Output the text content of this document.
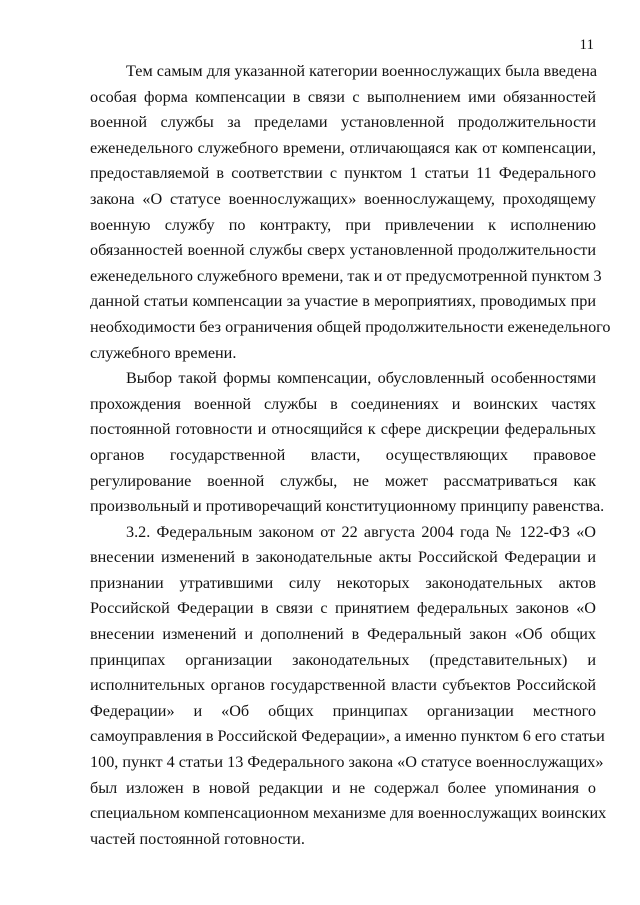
11

Тем самым для указанной категории военнослужащих была введена
особая форма компенсации в связи с выполнением ими обязанностей
военной службы за пределами установленной продолжительности
еженедельного служебного времени, отличающаяся как от компенсации,
предоставляемой в соответствии с пунктом 1 статьи 11 Федерального
закона «О статусе военнослужащих» военнослужащему, проходящему
военную службу по контракту, при привлечении к исполнению
обязанностей военной службы сверх установленной продолжительности
еженедельного служебного времени, так и от предусмотренной пунктом 3
данной статьи компенсации за участие в мероприятиях, проводимых при
необходимости без ограничения общей продолжительности еженедельного
служебного времени.

Выбор такой формы компенсации, обусловленный особенностями
прохождения военной службы в соединениях и воинских частях
постоянной готовности и относящийся к сфере дискреции федеральных
органов государственной власти, осуществляющих правовое
регулирование военной службы, не может рассматриваться как
произвольный и противоречащий конституционному принципу равенства.

3.2. Федеральным законом от 22 августа 2004 года № 122-ФЗ «О
внесении изменений в законодательные акты Российской Федерации и
признании утратившими силу некоторых законодательных актов
Российской Федерации в связи с принятием федеральных законов «О
внесении изменений и дополнений в Федеральный закон «Об общих
принципах организации законодательных (представительных) и
исполнительных органов государственной власти субъектов Российской
Федерации» и «Об общих принципах организации местного
самоуправления в Российской Федерации», а именно пунктом 6 его статьи
100, пункт 4 статьи 13 Федерального закона «О статусе военнослужащих»
был изложен в новой редакции и не содержал более упоминания о
специальном компенсационном механизме для военнослужащих воинских
частей постоянной готовности.
